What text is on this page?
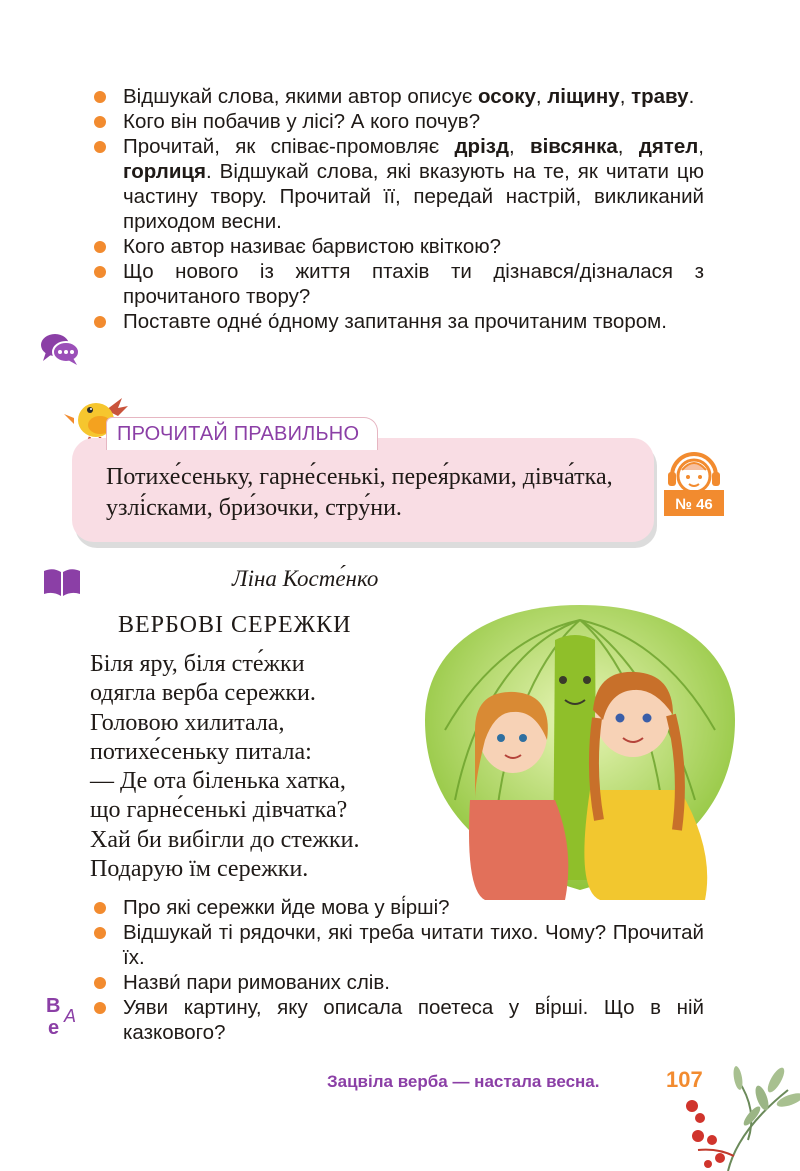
Відшукай слова, якими автор описує осоку, ліщину, траву.
Кого він побачив у лісі? А кого почув?
Прочитай, як співає-промовляє дрізд, вівсянка, дятел, горлиця. Відшукай слова, які вказують на те, як читати цю частину твору. Прочитай її, передай настрій, викликаний приходом весни.
Кого автор називає барвистою квіткою?
Що нового із життя птахів ти дізнався/дізналася з прочитаного твору?
Поставте одне́ о́дному запитання за прочитаним твором.
ПРОЧИТАЙ ПРАВИЛЬНО
Потихе́сеньку, гарне́сенькі, перея́рками, дівча́тка, узлі́сками, бри́зочки, стру́ни.	№ 46
Ліна Косте́нко
ВЕРБОВІ СЕРЕЖКИ
Біля яру, біля сте́жки
одягла верба сережки.
Головою хилитала,
потихе́сеньку питала:
— Де ота біленька хатка,
що гарне́сенькі дівчатка?
Хай би вибігли до стежки.
Подарую їм сережки.
Про які сережки йде мова у ві́рші?
Відшукай ті рядочки, які треба читати тихо. Чому? Прочитай їх.
Назви́ пари римованих слів.
Уяви картину, яку описала поетеса у ві́рші. Що в ній казкового?
В А
е
Зацвіла верба — настала весна.	107
